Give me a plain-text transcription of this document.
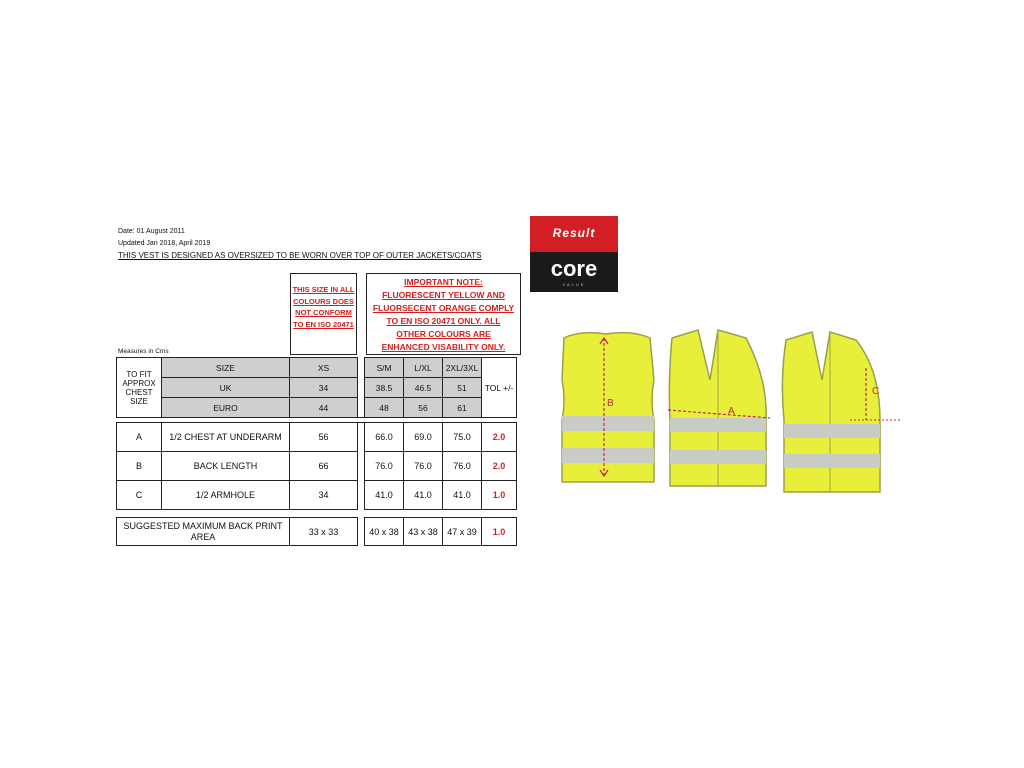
Date: 01 August 2011
Updated Jan 2018, April 2019
THIS VEST IS DESIGNED AS OVERSIZED TO BE WORN OVER TOP OF OUTER JACKETS/COATS
THIS SIZE IN ALL COLOURS DOES NOT CONFORM TO EN ISO 20471
IMPORTANT NOTE:
FLUORESCENT YELLOW AND
FLUORSECENT ORANGE COMPLY
TO EN ISO 20471 ONLY. ALL
OTHER COLOURS ARE
ENHANCED VISABILITY ONLY.
Measures in Cms
TO FIT APPROX CHEST SIZE	SIZE	XS		S/M	L/XL	2XL/3XL	TOL +/-
	UK	34		38.5	46.5	51	
	EURO	44		48	56	61	

A	1/2 CHEST AT UNDERARM	56		66.0	69.0	75.0	2.0
B	BACK LENGTH	66		76.0	76.0	76.0	2.0
C	1/2 ARMHOLE	34		41.0	41.0	41.0	1.0
SUGGESTED MAXIMUM BACK PRINT AREA	33 x 33		40 x 38	43 x 38	47 x 39	1.0
Result
core
VALUE
B
A
C
